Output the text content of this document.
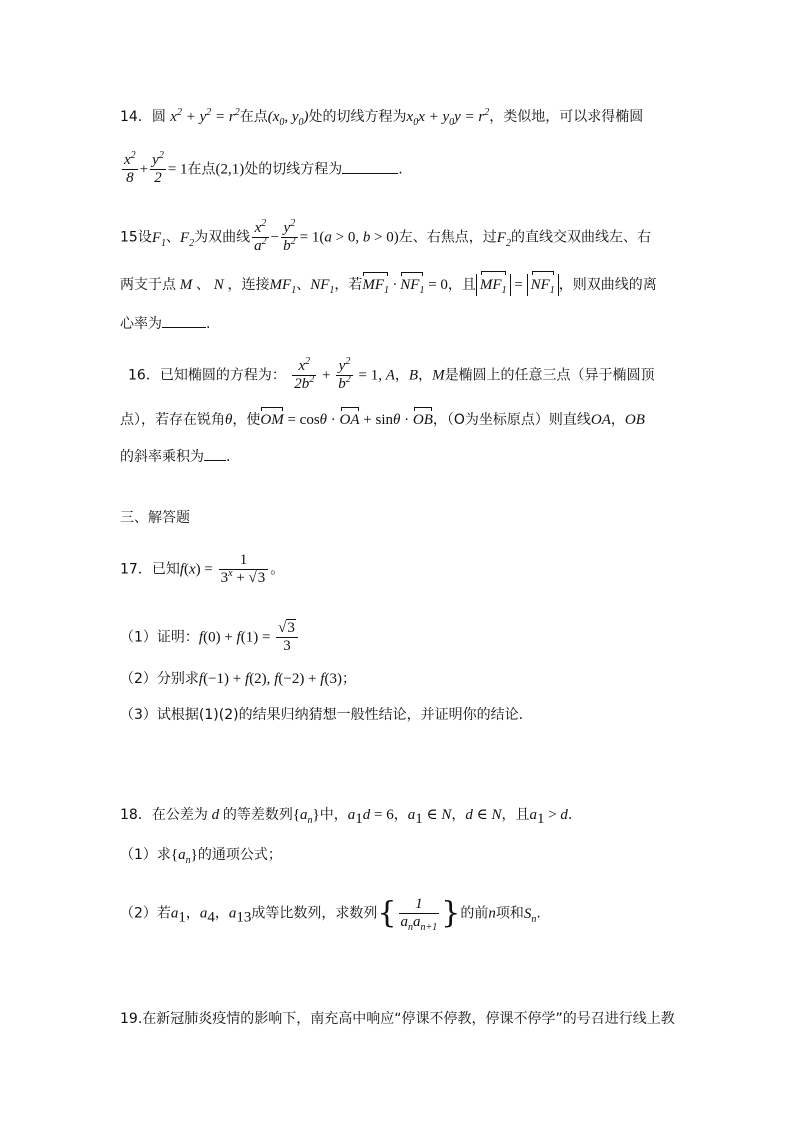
14．圆 $x^2 + y^2 = r^2$在点($x_0$, $y_0$)处的切线方程为$x_0x + y_0y = r^2$，类似地，可以求得椭圆
$\frac{x^2}{8} + \frac{y^2}{2} = 1$在点(2,1)处的切线方程为	.
15设$F_1$、$F_2$为双曲线 $\frac{x^2}{a^2} - \frac{y^2}{b^2} = 1(a > 0$, b > 0)左、右焦点，过$F_2$的直线交双曲线左、右
两支于点 M 、 N ，连接$MF_1$、$NF_1$，若$MF_1 \cdot NF_1 = 0$，且 $MF_1 = NF_1$ ，则双曲线的离
心率为	.
16．已知椭圆的方程为： $\frac{x^2}{2b^2} + \frac{y^2}{b^2} = 1$, A，B，M是椭圆上的任意三点（异于椭圆顶
点），若存在锐角θ，使OM = cosθ · OA + sinθ · OB，（O为坐标原点）则直线OA，OB
的斜率乘积为 .
三、解答题
17．已知$f(x) = \frac{1}{3^x + √3}$ 。
（1）证明：$f(0) + f(1) = \frac{√3}{3}$
（2）分别求f(−1) + f(2), f(−2) + f(3)；
（3）试根据(1)(2)的结果归纳猜想一般性结论，并证明你的结论.
18．在公差为 d 的等差数列$\{a_n\}$中，$a_1d = 6$，$a_1$ ∈ N，d ∈ N，且$a_1 > d$.
（1）求$\{a_n\}$的通项公式；
（2）若$a_1$，$a_4$，$a_{13}$成等比数列，求数列{ $\frac{1}{a_na_{n+1}}$ }的前n项和$S_n$.
19.在新冠肺炎疫情的影响下，南充高中响应“停课不停教，停课不停学”的号召进行线上教
